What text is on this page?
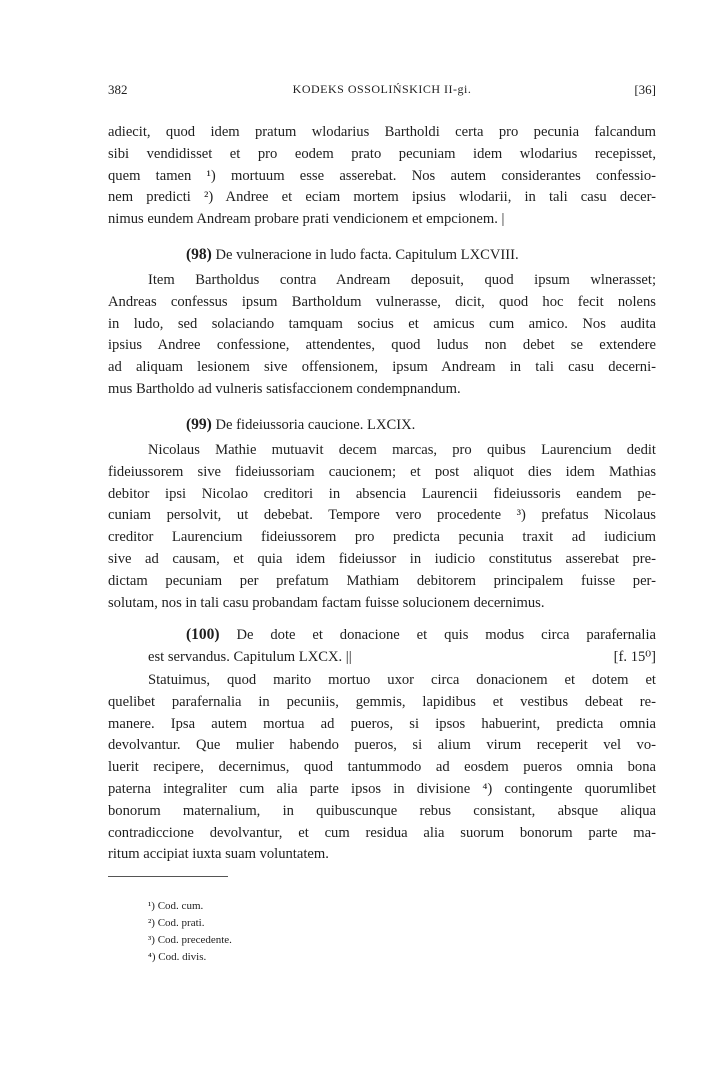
382	KODEKS OSSOLIŃSKICH II-gi.	[36]
adiecit, quod idem pratum wlodarius Bartholdi certa pro pecunia falcandum
sibi vendidisset et pro eodem prato pecuniam idem wlodarius recepisset,
quem tamen ¹) mortuum esse asserebat. Nos autem considerantes confessio-
nem predicti ²) Andree et eciam mortem ipsius wlodarii, in tali casu decer-
nimus eundem Andream probare prati vendicionem et empcionem. |
(98) De vulneracione in ludo facta. Capitulum LXCVIII.
Item Bartholdus contra Andream deposuit, quod ipsum wlnerasset;
Andreas confessus ipsum Bartholdum vulnerasse, dicit, quod hoc fecit nolens
in ludo, sed solaciando tamquam socius et amicus cum amico. Nos audita
ipsius Andree confessione, attendentes, quod ludus non debet se extendere
ad aliquam lesionem sive offensionem, ipsum Andream in tali casu decerni-
mus Bartholdo ad vulneris satisfaccionem condempnandum.
(99) De fideiussoria caucione. LXCIX.
Nicolaus Mathie mutuavit decem marcas, pro quibus Laurencium dedit
fideiussorem sive fideiussoriam caucionem; et post aliquot dies idem Mathias
debitor ipsi Nicolao creditori in absencia Laurencii fideiussoris eandem pe-
cuniam persolvit, ut debebat. Tempore vero procedente ³) prefatus Nicolaus
creditor Laurencium fideiussorem pro predicta pecunia traxit ad iudicium
sive ad causam, et quia idem fideiussor in iudicio constitutus asserebat pre-
dictam pecuniam per prefatum Mathiam debitorem principalem fuisse per-
solutam, nos in tali casu probandam factam fuisse solucionem decernimus.
(100) De dote et donacione et quis modus circa parafernalia
est servandus. Capitulum LXCX. ||	[f. 15⁰]
Statuimus, quod marito mortuo uxor circa donacionem et dotem et
quelibet parafernalia in pecuniis, gemmis, lapidibus et vestibus debeat re-
manere. Ipsa autem mortua ad pueros, si ipsos habuerint, predicta omnia
devolvantur. Que mulier habendo pueros, si alium virum receperit vel vo-
luerit recipere, decernimus, quod tantummodo ad eosdem pueros omnia bona
paterna integraliter cum alia parte ipsos in divisione ⁴) contingente quorumlibet
bonorum maternalium, in quibuscunque rebus consistant, absque aliqua
contradiccione devolvantur, et cum residua alia suorum bonorum parte ma-
ritum accipiat iuxta suam voluntatem.
¹) Cod. cum.
²) Cod. prati.
³) Cod. precedente.
⁴) Cod. divis.
